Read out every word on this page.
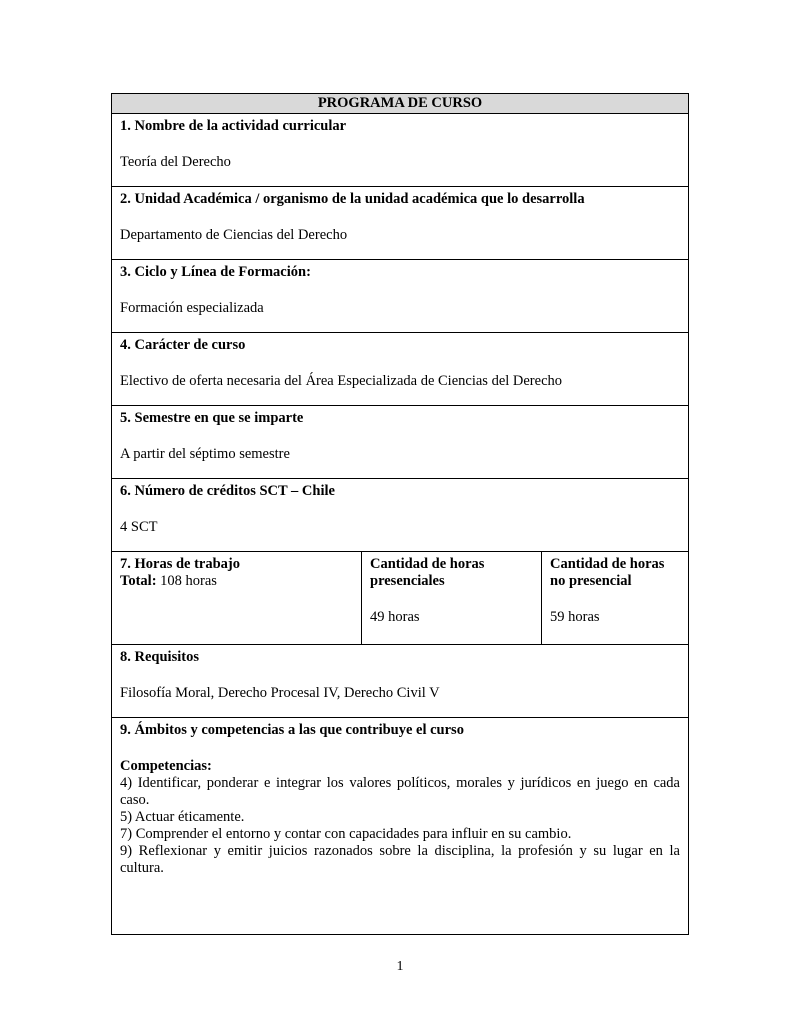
PROGRAMA DE CURSO
1. Nombre de la actividad curricular
Teoría del Derecho
2. Unidad Académica / organismo de la unidad académica que lo desarrolla
Departamento de Ciencias del Derecho
3. Ciclo y Línea de Formación:
Formación especializada
4. Carácter de curso
Electivo de oferta necesaria del Área Especializada de Ciencias del Derecho
5. Semestre en que se imparte
A partir del séptimo semestre
6. Número de créditos SCT – Chile
4 SCT
7. Horas de trabajo
Total: 108 horas
Cantidad de horas
presenciales
49 horas
Cantidad de horas
no presencial
59 horas
8. Requisitos
Filosofía Moral, Derecho Procesal IV, Derecho Civil V
9. Ámbitos y competencias a las que contribuye el curso
Competencias:
4) Identificar, ponderar e integrar los valores políticos, morales y jurídicos en juego en cada caso.
5) Actuar éticamente.
7) Comprender el entorno y contar con capacidades para influir en su cambio.
9) Reflexionar y emitir juicios razonados sobre la disciplina, la profesión y su lugar en la cultura.
1
